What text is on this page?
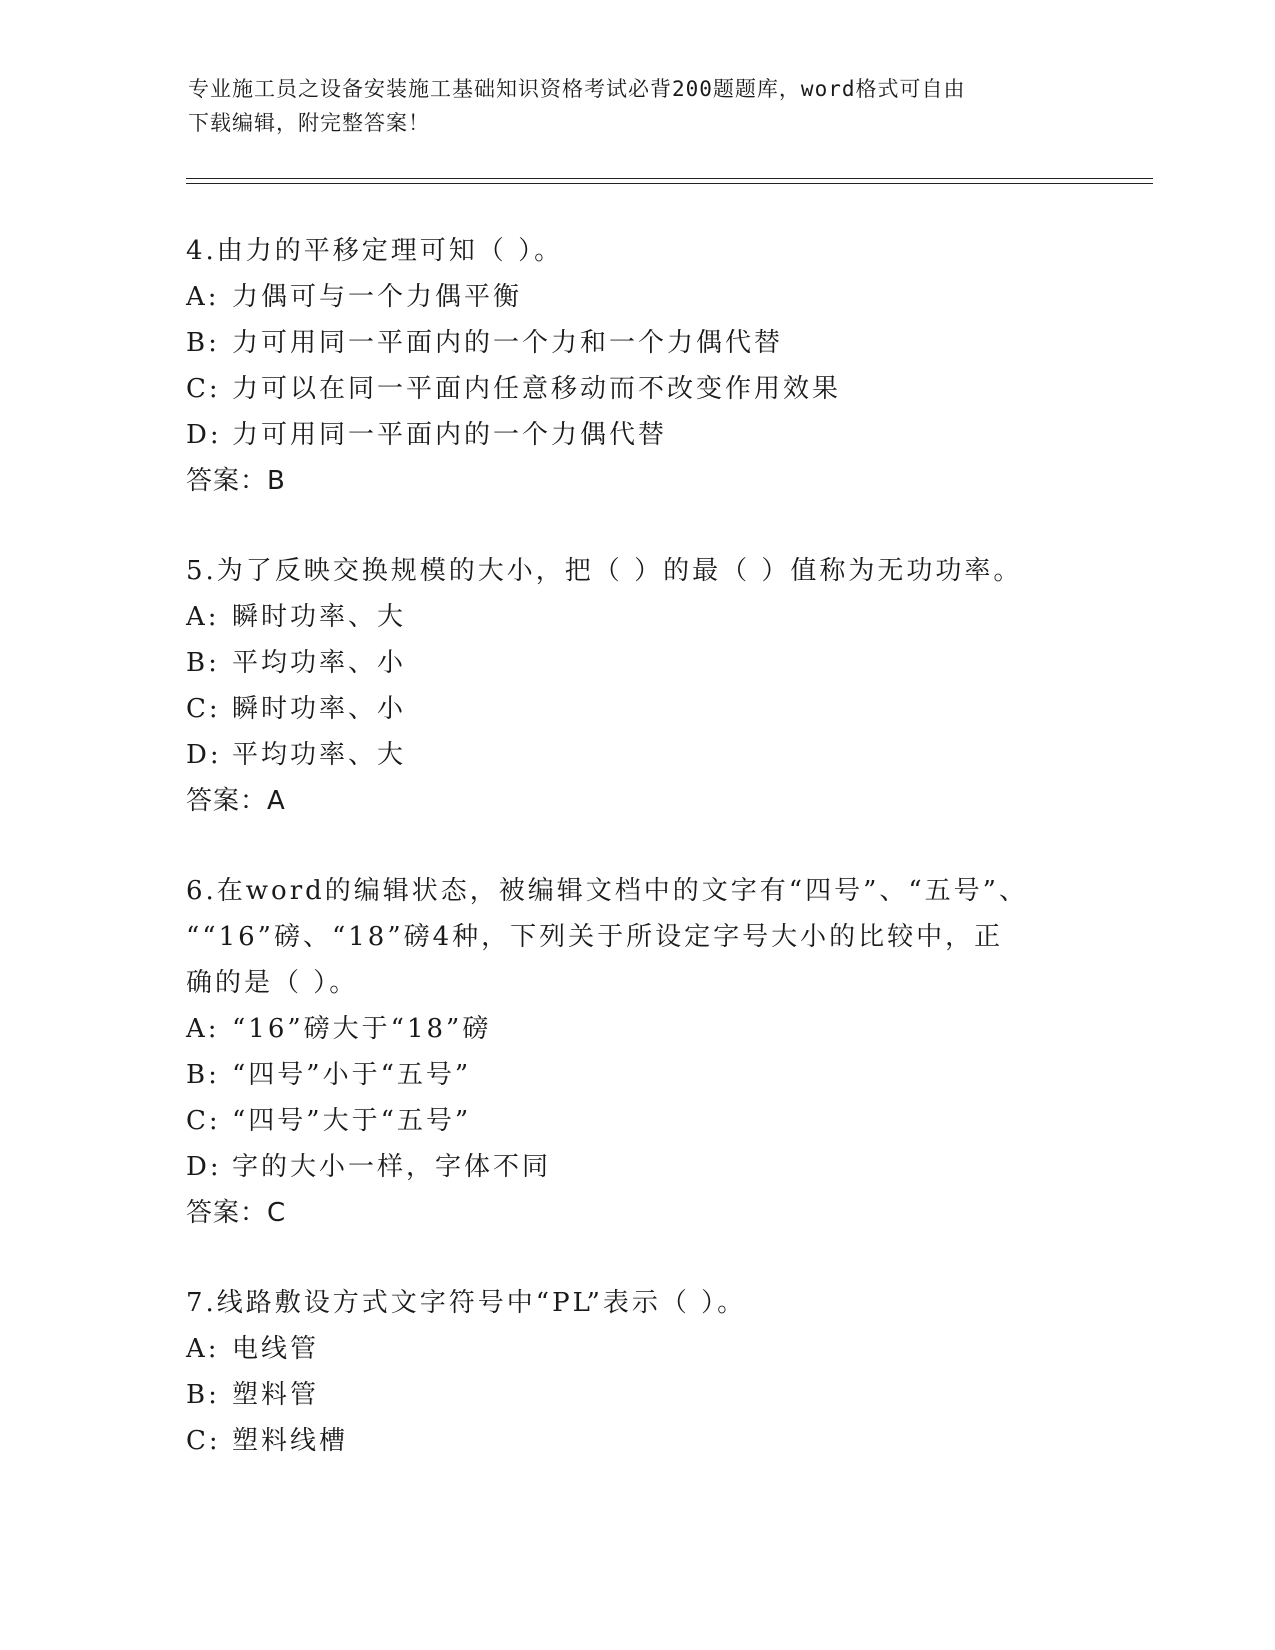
专业施工员之设备安装施工基础知识资格考试必背200题题库，word格式可自由
下载编辑，附完整答案！
4.由力的平移定理可知（ ）。
A: 力偶可与一个力偶平衡
B: 力可用同一平面内的一个力和一个力偶代替
C: 力可以在同一平面内任意移动而不改变作用效果
D: 力可用同一平面内的一个力偶代替
答案：B
5.为了反映交换规模的大小，把（ ）的最（ ）值称为无功功率。
A: 瞬时功率、大
B: 平均功率、小
C: 瞬时功率、小
D: 平均功率、大
答案：A
6.在word的编辑状态，被编辑文档中的文字有“四号”、“五号”、
““16”磅、“18”磅4种，下列关于所设定字号大小的比较中，正
确的是（ ）。
A: “16”磅大于“18”磅
B: “四号”小于“五号”
C: “四号”大于“五号”
D: 字的大小一样，字体不同
答案：C
7.线路敷设方式文字符号中“PL”表示（ ）。
A: 电线管
B: 塑料管
C: 塑料线槽
